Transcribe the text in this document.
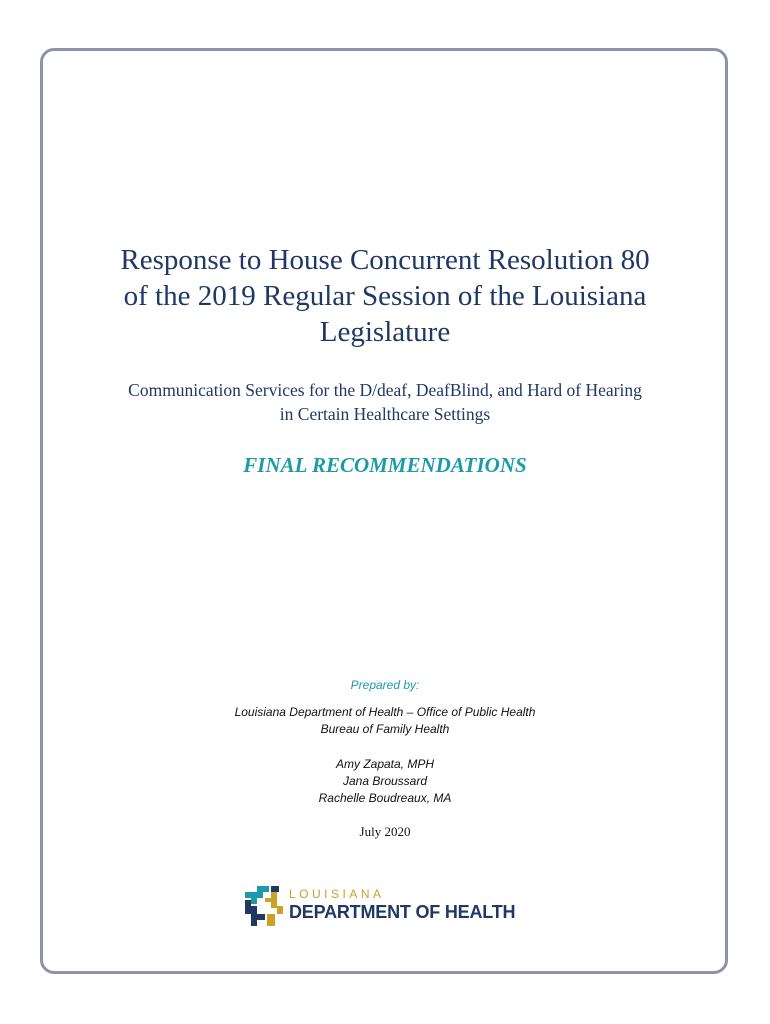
Response to House Concurrent Resolution 80
of the 2019 Regular Session of the Louisiana
Legislature

Communication Services for the D/deaf, DeafBlind, and Hard of Hearing
in Certain Healthcare Settings

FINAL RECOMMENDATIONS
Prepared by:
Louisiana Department of Health – Office of Public Health
Bureau of Family Health
Amy Zapata, MPH
Jana Broussard
Rachelle Boudreaux, MA
July 2020
LOUISIANA
DEPARTMENT OF HEALTH
